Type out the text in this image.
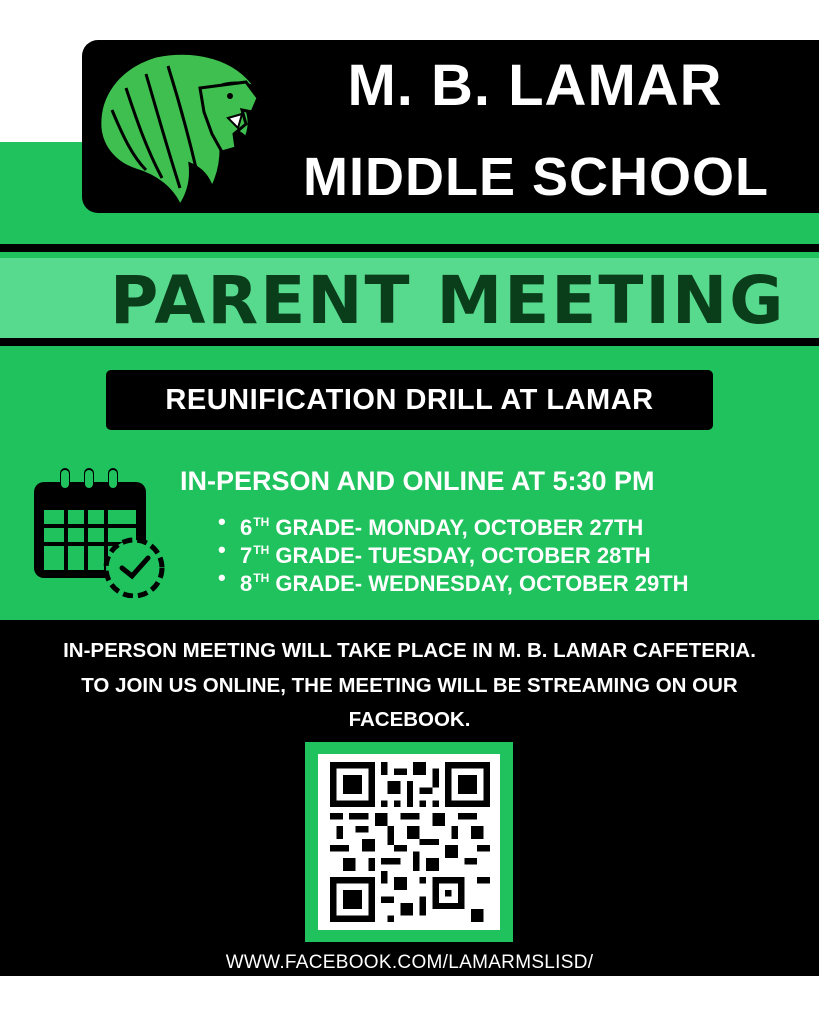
M. B. LAMAR
MIDDLE SCHOOL
PARENT MEETING
REUNIFICATION DRILL AT LAMAR
IN-PERSON AND ONLINE AT 5:30 PM
• 6TH GRADE- MONDAY, OCTOBER 27TH
• 7TH GRADE- TUESDAY, OCTOBER 28TH
• 8TH GRADE- WEDNESDAY, OCTOBER 29TH
IN-PERSON MEETING WILL TAKE PLACE IN M. B. LAMAR CAFETERIA.
TO JOIN US ONLINE, THE MEETING WILL BE STREAMING ON OUR
FACEBOOK.
WWW.FACEBOOK.COM/LAMARMSLISD/
